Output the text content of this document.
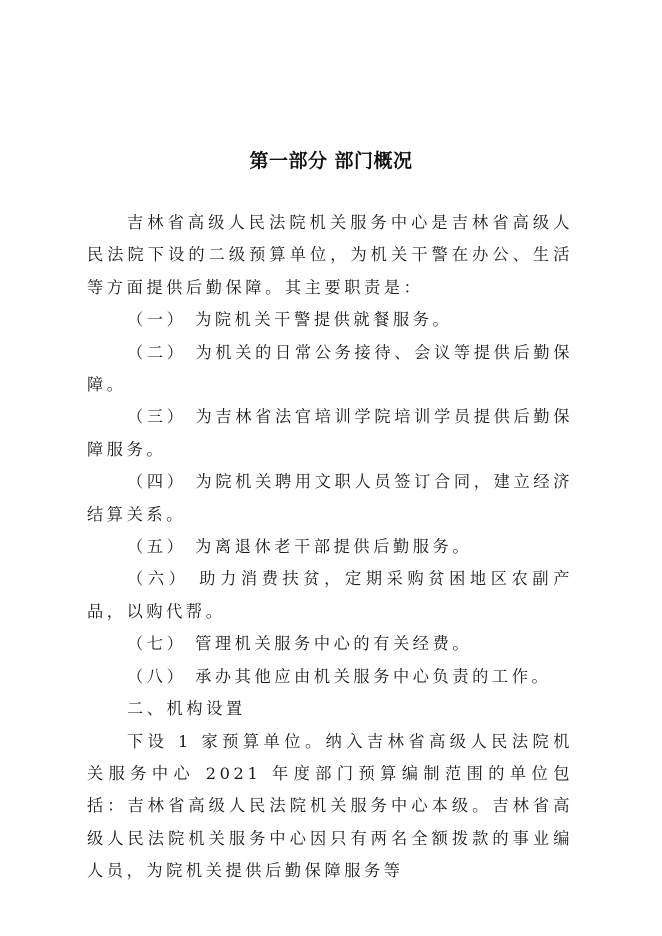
第一部分 部门概况

吉林省高级人民法院机关服务中心是吉林省高级人民法院下设的二级预算单位，为机关干警在办公、生活等方面提供后勤保障。其主要职责是：

（一） 为院机关干警提供就餐服务。

（二） 为机关的日常公务接待、会议等提供后勤保障。

（三） 为吉林省法官培训学院培训学员提供后勤保障服务。

（四） 为院机关聘用文职人员签订合同，建立经济结算关系。

（五） 为离退休老干部提供后勤服务。

（六） 助力消费扶贫，定期采购贫困地区农副产品，以购代帮。

（七） 管理机关服务中心的有关经费。

（八） 承办其他应由机关服务中心负责的工作。

二、机构设置

下设 1 家预算单位。纳入吉林省高级人民法院机关服务中心 2021 年度部门预算编制范围的单位包括：吉林省高级人民法院机关服务中心本级。吉林省高级人民法院机关服务中心因只有两名全额拨款的事业编人员，为院机关提供后勤保障服务等
